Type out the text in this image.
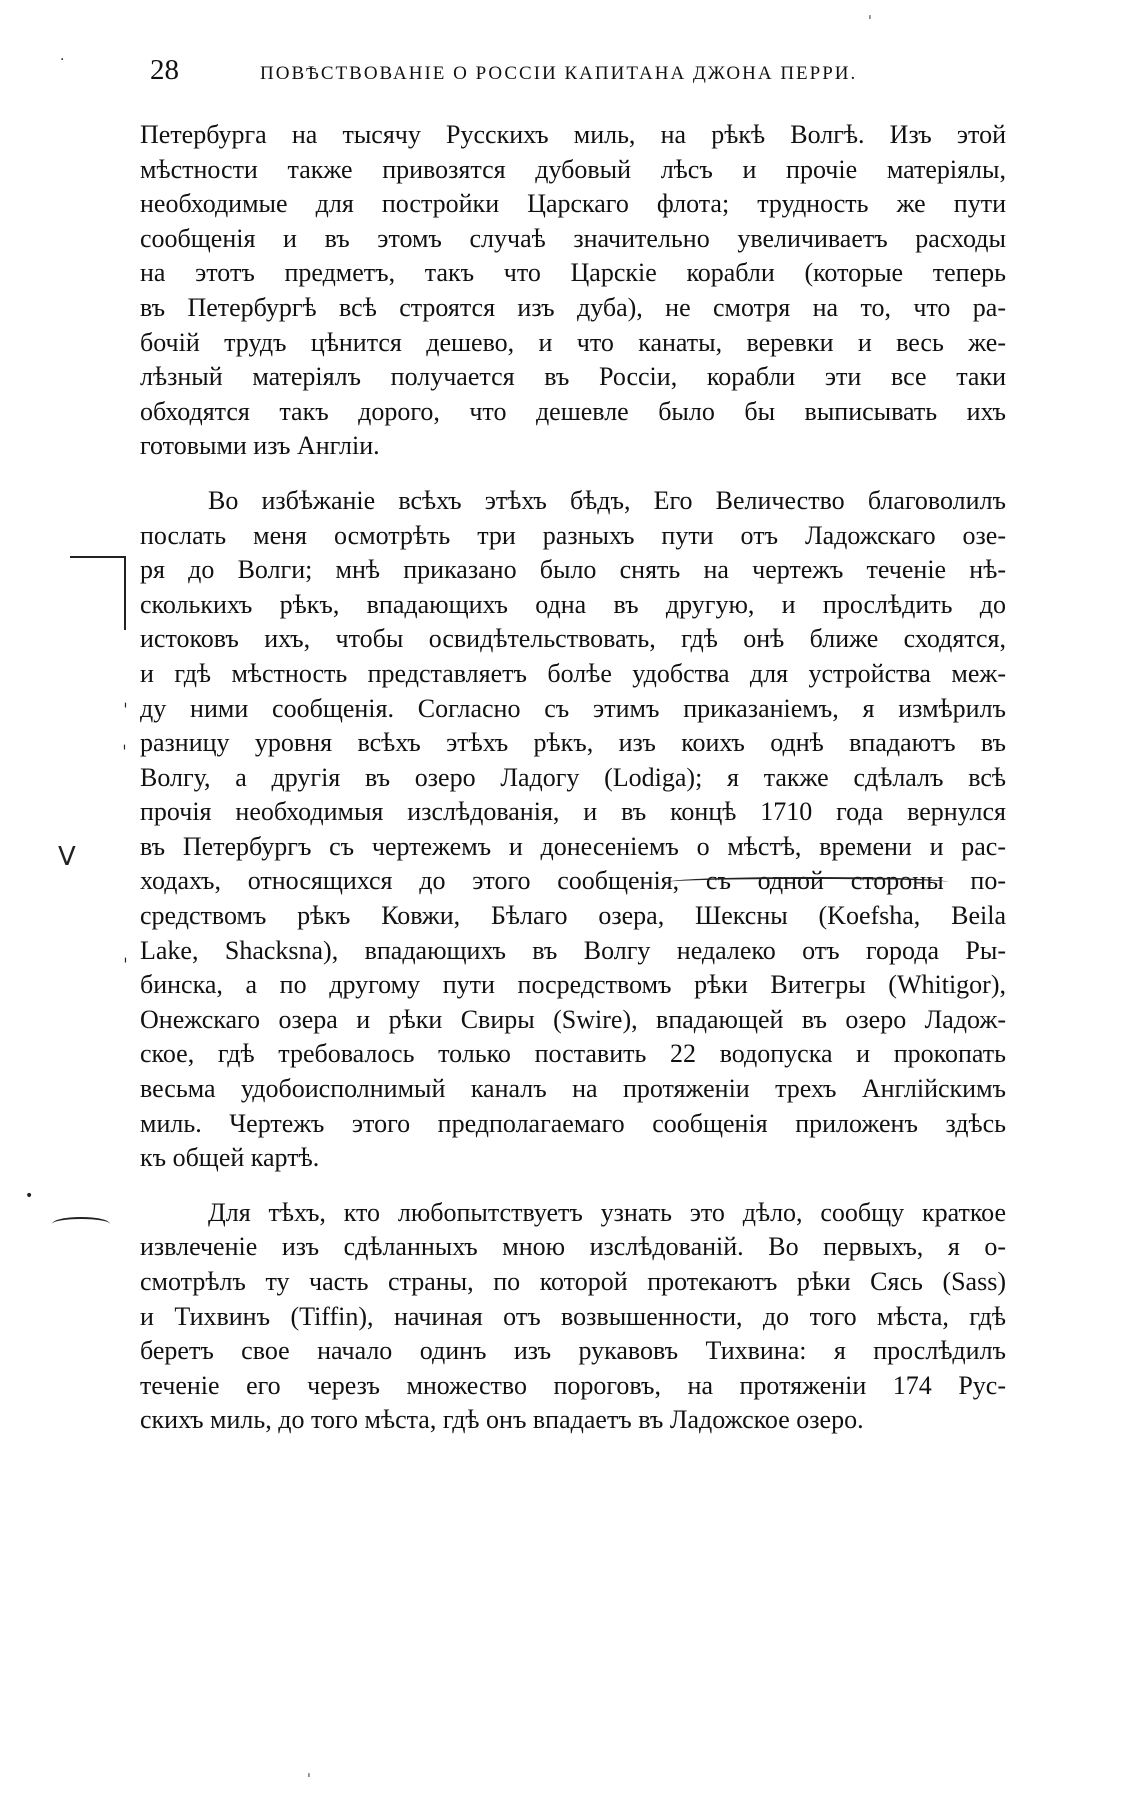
28	ПОВѢСТВОВАНІЕ О РОССІИ КАПИТАНА ДЖОНА ПЕРРИ.
Петербурга на тысячу Русскихъ миль, на рѣкѣ Волгѣ. Изъ этой
мѣстности также привозятся дубовый лѣсъ и прочіе матеріялы,
необходимые для постройки Царскаго флота; трудность же пути
сообщенія и въ этомъ случаѣ значительно увеличиваетъ расходы
на этотъ предметъ, такъ что Царскіе корабли (которые теперь
въ Петербургѣ всѣ строятся изъ дуба), не смотря на то, что ра-
бочій трудъ цѣнится дешево, и что канаты, веревки и весь же-
лѣзный матеріялъ получается въ Россіи, корабли эти все таки
обходятся такъ дорого, что дешевле было бы выписывать ихъ
готовыми изъ Англіи.
Во избѣжаніе всѣхъ этѣхъ бѣдъ, Его Величество благоволилъ
послать меня осмотрѣть три разныхъ пути отъ Ладожскаго озе-
ря до Волги; мнѣ приказано было снять на чертежъ теченіе нѣ-
сколькихъ рѣкъ, впадающихъ одна въ другую, и прослѣдить до
истоковъ ихъ, чтобы освидѣтельствовать, гдѣ онѣ ближе сходятся,
и гдѣ мѣстность представляетъ болѣе удобства для устройства меж-
ду ними сообщенія. Согласно съ этимъ приказаніемъ, я измѣрилъ
разницу уровня всѣхъ этѣхъ рѣкъ, изъ коихъ однѣ впадаютъ въ
Волгу, а другія въ озеро Ладогу (Lodiga); я также сдѣлалъ всѣ
прочія необходимыя изслѣдованія, и въ концѣ 1710 года вернулся
въ Петербургъ съ чертежемъ и донесеніемъ о мѣстѣ, времени и рас-
ходахъ, относящихся до этого сообщенія, съ одной стороны по-
средствомъ рѣкъ Ковжи, Бѣлаго озера, Шексны (Koefsha, Beila
Lake, Shacksna), впадающихъ въ Волгу недалеко отъ города Ры-
бинска, а по другому пути посредствомъ рѣки Витегры (Whitigor),
Онежскаго озера и рѣки Свиры (Swire), впадающей въ озеро Ладож-
ское, гдѣ требовалось только поставить 22 водопуска и прокопать
весьма удобоисполнимый каналъ на протяженіи трехъ Англійскимъ
миль. Чертежъ этого предполагаемаго сообщенія приложенъ здѣсь
къ общей картѣ.
Для тѣхъ, кто любопытствуетъ узнать это дѣло, сообщу краткое
извлеченіе изъ сдѣланныхъ мною изслѣдованій. Во первыхъ, я о-
смотрѣлъ ту часть страны, по которой протекаютъ рѣки Сясь (Sass)
и Тихвинъ (Tiffin), начиная отъ возвышенности, до того мѣста, гдѣ
беретъ свое начало одинъ изъ рукавовъ Тихвина: я прослѣдилъ
теченіе его черезъ множество пороговъ, на протяженіи 174 Рус-
скихъ миль, до того мѣста, гдѣ онъ впадаетъ въ Ладожское озеро.
V
ˈ
ˈ
ˈ
·
•
ˈ
ˈ
